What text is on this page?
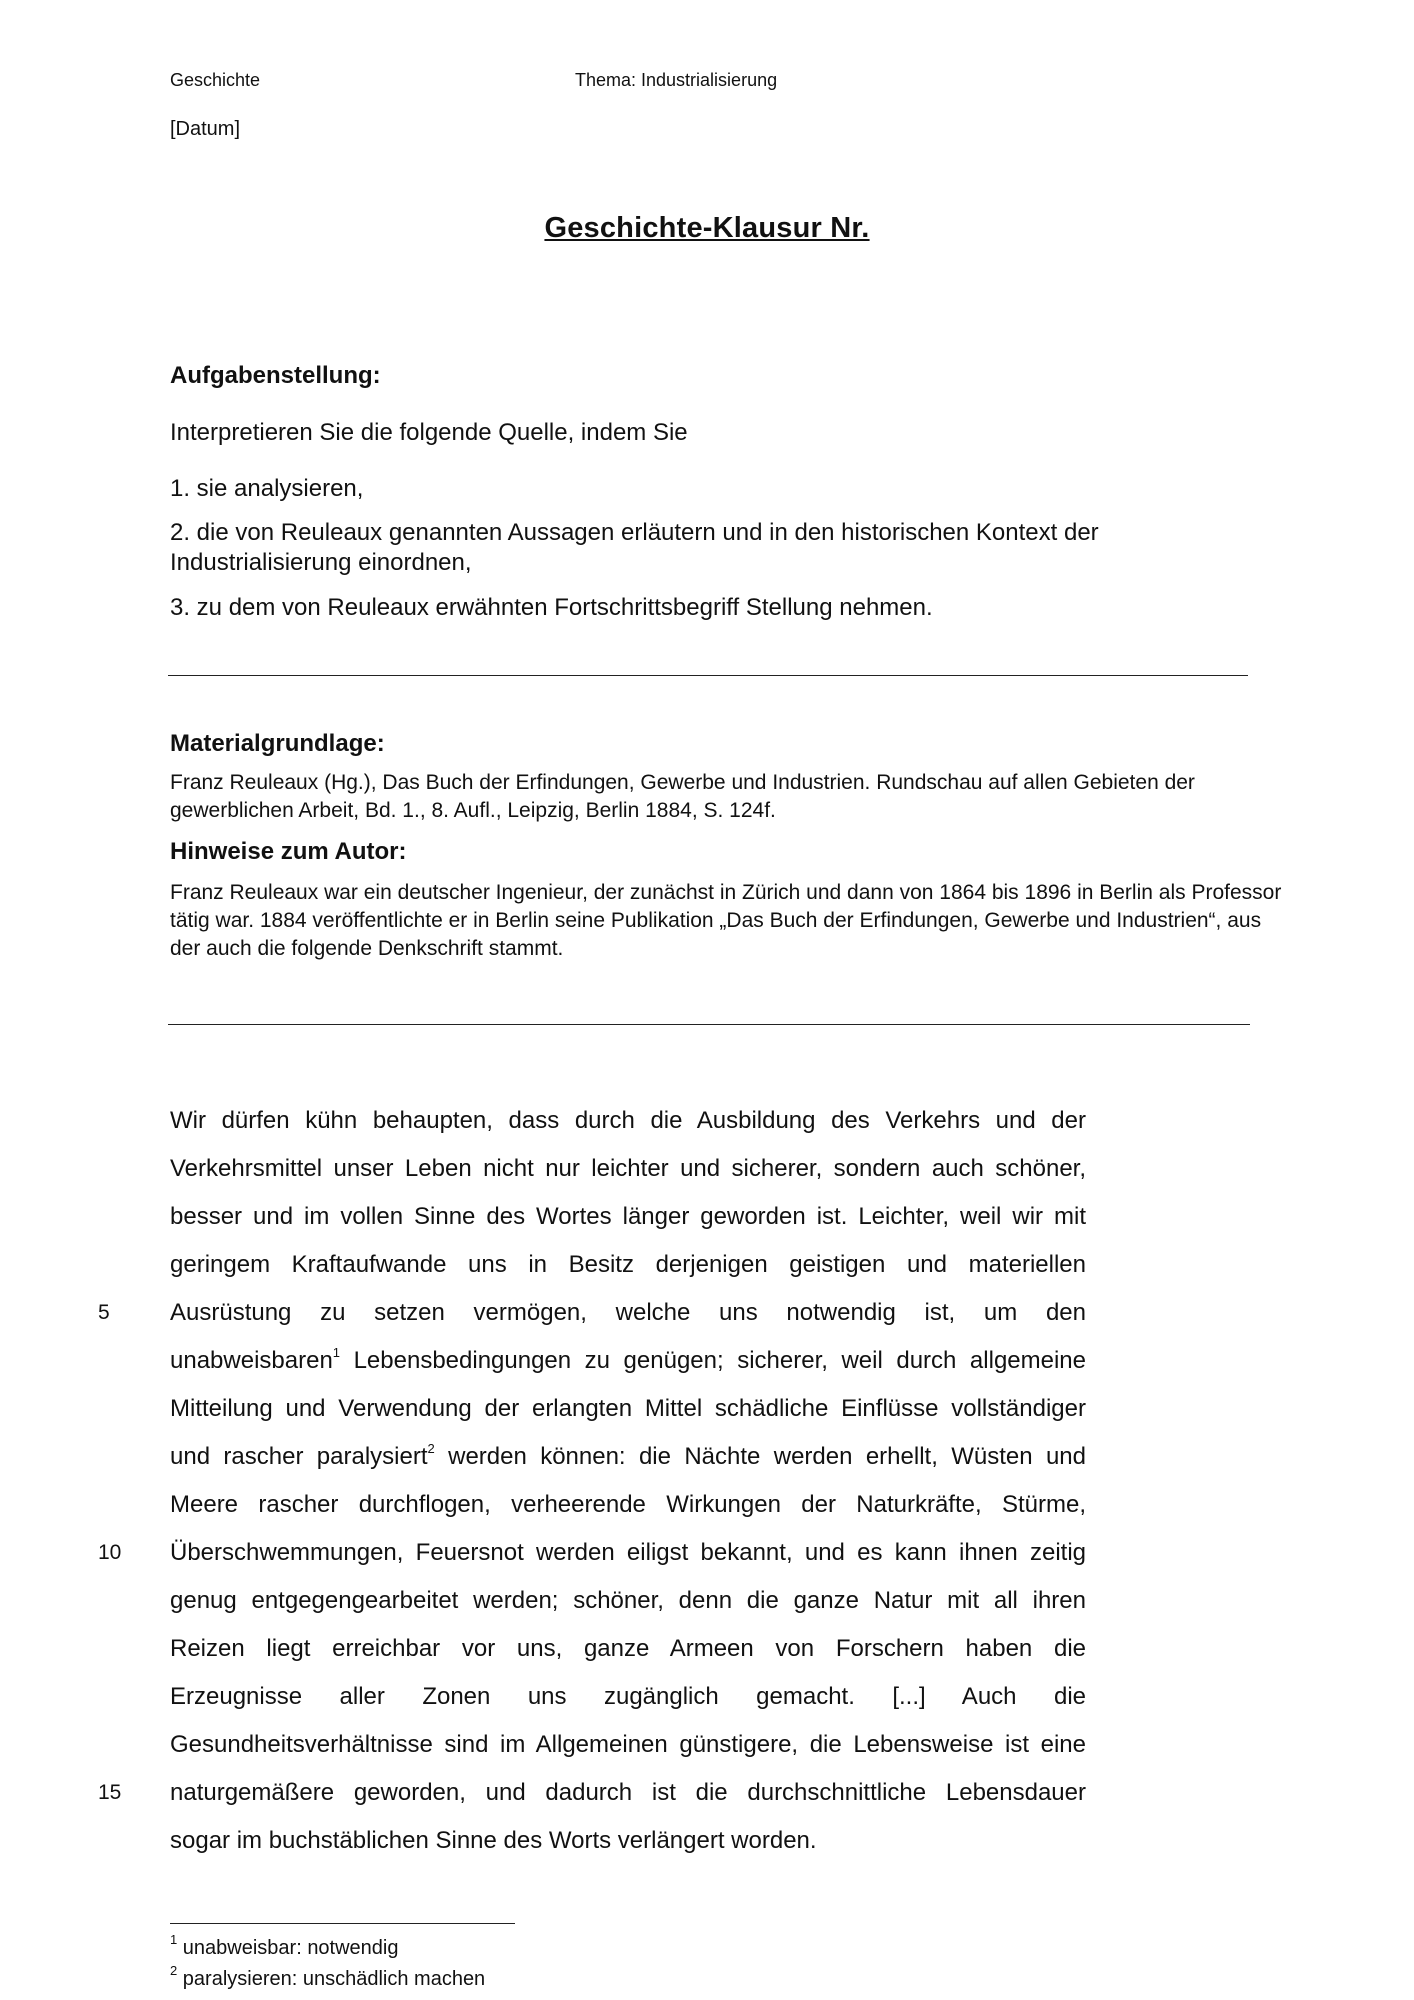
Geschichte	Thema: Industrialisierung
[Datum]
Geschichte-Klausur Nr.
Aufgabenstellung:
Interpretieren Sie die folgende Quelle, indem Sie
1. sie analysieren,
2. die von Reuleaux genannten Aussagen erläutern und in den historischen Kontext der Industrialisierung einordnen,
3. zu dem von Reuleaux erwähnten Fortschrittsbegriff Stellung nehmen.
Materialgrundlage:
Franz Reuleaux (Hg.), Das Buch der Erfindungen, Gewerbe und Industrien. Rundschau auf allen Gebieten der gewerblichen Arbeit, Bd. 1., 8. Aufl., Leipzig, Berlin 1884, S. 124f.
Hinweise zum Autor:
Franz Reuleaux war ein deutscher Ingenieur, der zunächst in Zürich und dann von 1864 bis 1896 in Berlin als Professor tätig war. 1884 veröffentlichte er in Berlin seine Publikation „Das Buch der Erfindungen, Gewerbe und Industrien“, aus der auch die folgende Denkschrift stammt.
Wir dürfen kühn behaupten, dass durch die Ausbildung des Verkehrs und der
Verkehrsmittel unser Leben nicht nur leichter und sicherer, sondern auch schöner,
besser und im vollen Sinne des Wortes länger geworden ist. Leichter, weil wir mit
geringem Kraftaufwande uns in Besitz derjenigen geistigen und materiellen
Ausrüstung zu setzen vermögen, welche uns notwendig ist, um den
unabweisbaren$^1$ Lebensbedingungen zu genügen; sicherer, weil durch allgemeine
Mitteilung und Verwendung der erlangten Mittel schädliche Einflüsse vollständiger
und rascher paralysiert$^2$ werden können: die Nächte werden erhellt, Wüsten und
Meere rascher durchflogen, verheerende Wirkungen der Naturkräfte, Stürme,
Überschwemmungen, Feuersnot werden eiligst bekannt, und es kann ihnen zeitig
genug entgegengearbeitet werden; schöner, denn die ganze Natur mit all ihren
Reizen liegt erreichbar vor uns, ganze Armeen von Forschern haben die
Erzeugnisse aller Zonen uns zugänglich gemacht. [...] Auch die
Gesundheitsverhältnisse sind im Allgemeinen günstigere, die Lebensweise ist eine
naturgemäßere geworden, und dadurch ist die durchschnittliche Lebensdauer
sogar im buchstäblichen Sinne des Worts verlängert worden.
5
10
15
$^1$ unabweisbar: notwendig
$^2$ paralysieren: unschädlich machen
